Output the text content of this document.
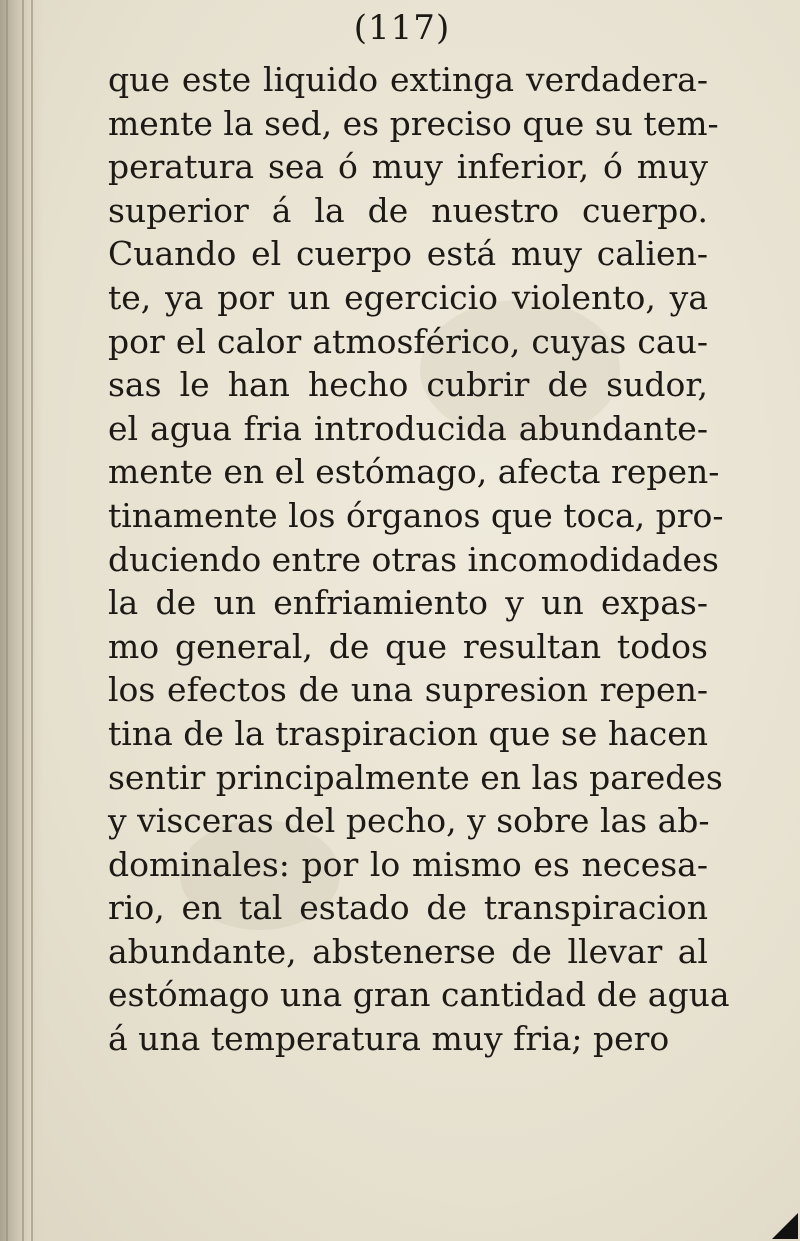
(117)
que este liquido extinga verdadera-
mente la sed, es preciso que su tem-
peratura sea ó muy inferior, ó muy
superior á la de nuestro cuerpo.
Cuando el cuerpo está muy calien-
te, ya por un egercicio violento, ya
por el calor atmosférico, cuyas cau-
sas le han hecho cubrir de sudor,
el agua fria introducida abundante-
mente en el estómago, afecta repen-
tinamente los órganos que toca, pro-
duciendo entre otras incomodidades
la de un enfriamiento y un expas-
mo general, de que resultan todos
los efectos de una supresion repen-
tina de la traspiracion que se hacen
sentir principalmente en las paredes
y visceras del pecho, y sobre las ab-
dominales: por lo mismo es necesa-
rio, en tal estado de transpiracion
abundante, abstenerse de llevar al
estómago una gran cantidad de agua
á una temperatura muy fria; pero
